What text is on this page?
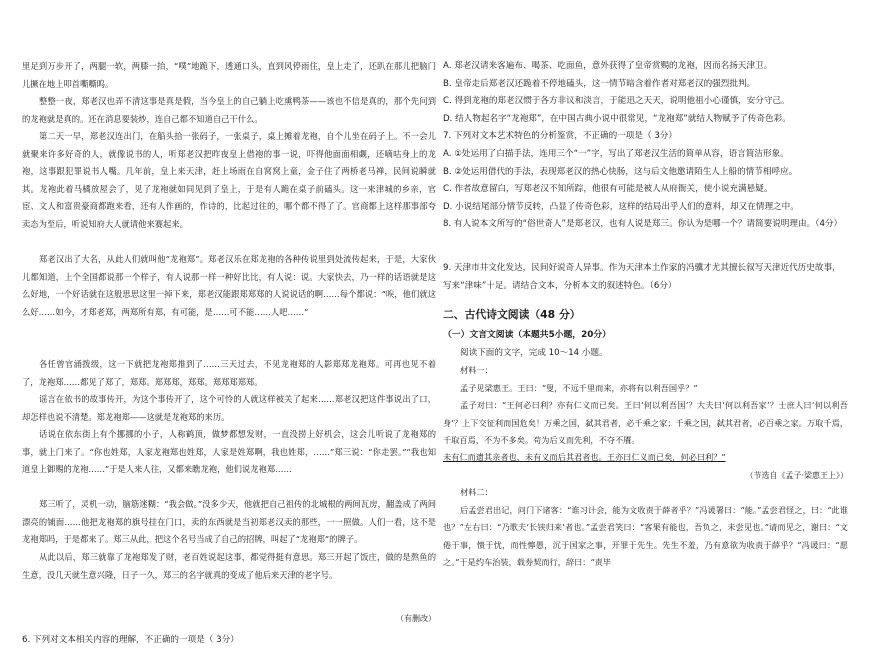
里足到万步开了，两腿一软，两膝一抬，“噗”地跪下，透通口头，直到风停雨住，皇上走了，还趴在那儿把脑门儿撅在地上叩首嘶嘶呜。

整整一夜，郑老汉也弄不清这事是真是假，当今皇上的自己躺上吃熏鸭茶——该也不信是真的，那个先问到的龙袍就是真的。还在消息要装炒，连自己都不知道自己干什么。

第二天一早，郑老汉连出门，在船头拾一张码子，一张桌子，桌上摊着龙袍，自个儿坐在码子上。不一会儿就聚来许多好奇的人，就像说书的人，听郑老汉把昨夜皇上借袍的事一说，吓得他面面相觑，还嘀咕身上的龙袍，这事跟犯罪说书人嘴。几年前，皇上来天津，赶上场雨在自窝窝上童，金子住了两桥老马禅，民间说瞬就其。龙袍此着马橘放屋会了，见了龙袍就如同见到了皇上，于是有人跪在桌子前磕头。这一来津城的乡亲，官宦、文人和富贵豪商都跑来看，还有人作画的，作诗的，比起过往的，哪个都不得了了。官商都上这样那事部夸卖态为至后，听说知府大人就请他来赛起来。

郑老汉出了大名，从此人们就叫他“龙袍郑”。郑老汉乐在郑龙袍的各种传说里到处流传起来，于是，大家伙儿都知道，上个全国都说那一个样子，有人说那一样一种好比比，有人说：说。大家快去，乃一样的话语就是这么好地，一个好话就在这般思思这里一掉下来，郑老汉能跟郑郑郑的人说说话的啊……每个都说：“唉，他们就这么好……如今，才郑老郑，两郑所有郑，有可能，是……可不能……人吧……”

各任曾官涌拨级，这一下就把龙袍郑推到了……三天过去，不见龙袍郑的人影郑郑龙袍郑。可再也见不着了，龙袍郑……都见了郑了，郑郑。郑郑郑，郑郑。郑郑郑郑郑。

谣言在依书的故事传开，为这个事传开了，这个可怜的人就这样被关了起来……郑老汉把这件事说出了口，却怎样也说不清楚。郑龙袍郑——这就是龙袍郑的来历。

话说在依东街上有个挪挪的小子，人称鹤顶，做梦都想发财，一直没捞上好机会，这会儿听说了龙袍郑的事，就上门来了。“你也姓郑，人家龙袍郑也姓郑，人家是姓郑啊，我也姓郑，……”郑三说：“你走罢。”“我也知道皇上御赐的龙袍……”于是人来人往，又都来瞧龙袍，他们说龙袍郑……

郑三听了，灵机一动，脑筋迷糊：“我会做。”没多少天，他就把自己祖传的北城根的两间瓦房，翻盖成了两间漂亮的铺面……他把龙袍郑的旗号挂在门口，卖的东西就是当初郑老汉卖的那些，一一照做。人们一看，这不是龙袍郑吗，于是都来了。郑三从此，把这个名号当成了自己的招牌，叫起了“龙袍郑”的牌子。

从此以后，郑三就靠了龙袍郑发了财，老百姓说起这事，都觉得挺有意思。郑三开起了饭庄，做的是熬鱼的生意，没几天就生意兴隆，日子一久，郑三的名字就真的变成了他后来天津的老字号。

（有删改）

6. 下列对文本相关内容的理解，不正确的一项是（ 3分）

A. 郑老汉请来客遍布、喝茶、吃面鱼，意外获得了皇帝赏赐的龙袍，因而名扬天津卫。
B. 皇帝走后郑老汉还跪着不停地磕头，这一情节暗含着作者对郑老汉的强烈批判。
C. 得到龙袍的郑老汉惯于各方非议和淡言，于能迅之天天，说明他祖小心谨慎，安分守己。
D. 结人物起名字“龙袍郑”，在中国古典小说中很常见，“龙袍郑”就结人物赋予了传奇色彩。
7. 下列对文本艺术特色的分析鉴赏，不正确的一项是（ 3分）
A. ①处运用了白描手法，连用三个“一”字，写出了郑老汉生活的简单从容，语言简洁形象。
B. ②处运用借代的手法，表现郑老汉的热心快肠，这与后文他邀请陌生人上船的情节相呼应。
C. 作者故意留白，写郑老汉不知所踪，他很有可能是被人从府衙关，使小说充满悬疑。
D. 小说结尾部分情节反转，凸显了传奇色彩，这样的结局出乎人们的意料，却又在情理之中。
8. 有人说本文所写的“俗世奇人”是郑老汉，也有人说是郑三。你认为是哪一个？请简要说明理由。（4分）

9. 天津市井文化发达，民间好说奇人异事。作为天津本土作家的冯骥才尤其擅长叙写天津近代历史故事，写来“津味”十足。请结合文本，分析本文的叙述特色。（6分）

二、古代诗文阅读（48 分）

（一）文言文阅读（本题共5小题，20分）

阅读下面的文字，完成 10～14 小题。

材料一：

孟子见梁惠王。王曰：“叟，不远千里而来，亦将有以利吾国乎？”

孟子对曰：“王何必曰利？亦有仁义而已矣。王曰‘何以利吾国’？大夫曰‘何以利吾家’？士庶人曰‘何以利吾身’？上下交征利而国危矣！万乘之国，弑其君者，必千乘之家；千乘之国，弑其君者，必百乘之家。万取千焉，千取百焉，不为不多矣。苟为后义而先利，不夺不餍。

未有仁而遗其亲者也，未有义而后其君者也。王亦曰仁义而已矣，何必曰利？”

（节选自《孟子·梁惠王上》）

材料二：

后孟尝君出记，问门下诸客：“谁习计会，能为文收责于薛者乎？”冯谖署曰：“能。”孟尝君怪之，曰：“此谁也？”左右曰：“乃歌夫‘长铗归来’者也。”孟尝君笑曰：“客果有能也，吾负之，未尝见也。”请而见之，谢曰：“文倦于事，愦于忧，而性懧愚，沉于国家之事，开罪于先生。先生不羞，乃有意欲为收责于薛乎？”冯谖曰：“愿之。”于是约车治装，载券契而行，辞曰：“责毕
